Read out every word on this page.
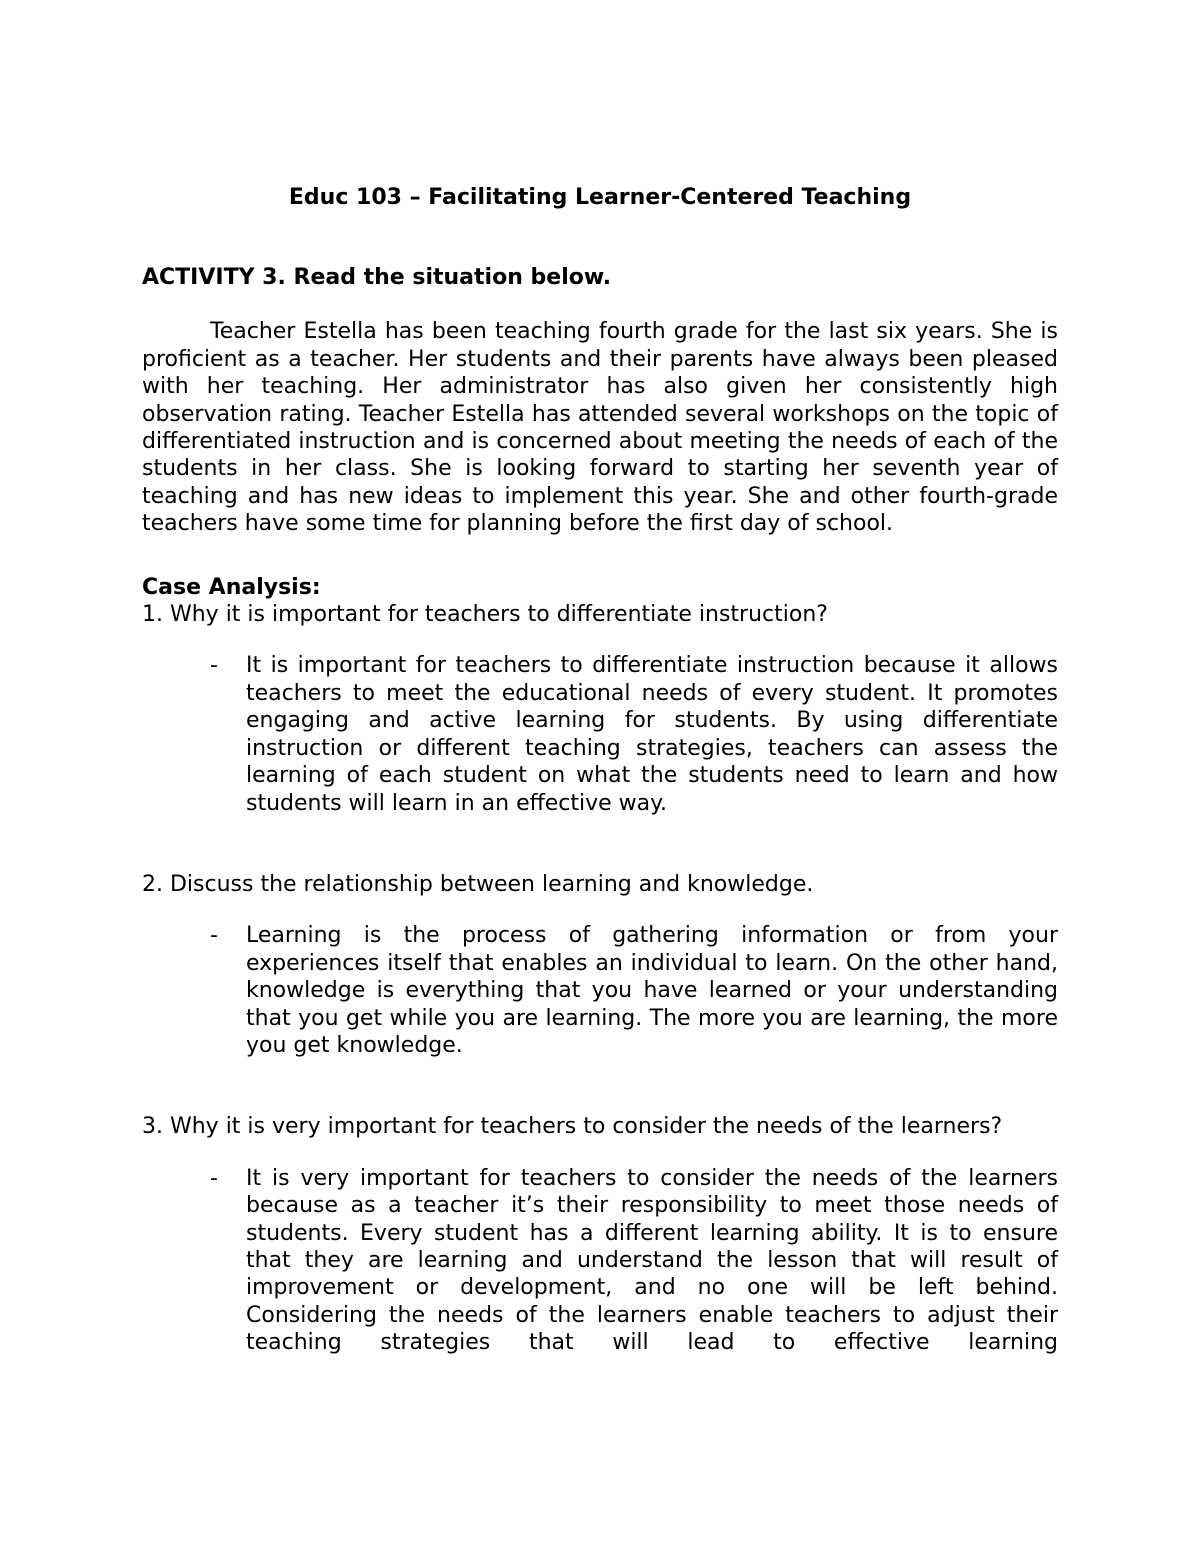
Educ 103 – Facilitating Learner-Centered Teaching

ACTIVITY 3. Read the situation below.

Teacher Estella has been teaching fourth grade for the last six years. She is proficient as a teacher. Her students and their parents have always been pleased with her teaching. Her administrator has also given her consistently high observation rating. Teacher Estella has attended several workshops on the topic of differentiated instruction and is concerned about meeting the needs of each of the students in her class. She is looking forward to starting her seventh year of teaching and has new ideas to implement this year. She and other fourth-grade teachers have some time for planning before the first day of school.

Case Analysis:

1. Why it is important for teachers to differentiate instruction?

- It is important for teachers to differentiate instruction because it allows teachers to meet the educational needs of every student. It promotes engaging and active learning for students. By using differentiate instruction or different teaching strategies, teachers can assess the learning of each student on what the students need to learn and how students will learn in an effective way.

2. Discuss the relationship between learning and knowledge.

- Learning is the process of gathering information or from your experiences itself that enables an individual to learn. On the other hand, knowledge is everything that you have learned or your understanding that you get while you are learning. The more you are learning, the more you get knowledge.

3. Why it is very important for teachers to consider the needs of the learners?

- It is very important for teachers to consider the needs of the learners because as a teacher it’s their responsibility to meet those needs of students. Every student has a different learning ability. It is to ensure that they are learning and understand the lesson that will result of improvement or development, and no one will be left behind. Considering the needs of the learners enable teachers to adjust their teaching strategies that will lead to effective learning
